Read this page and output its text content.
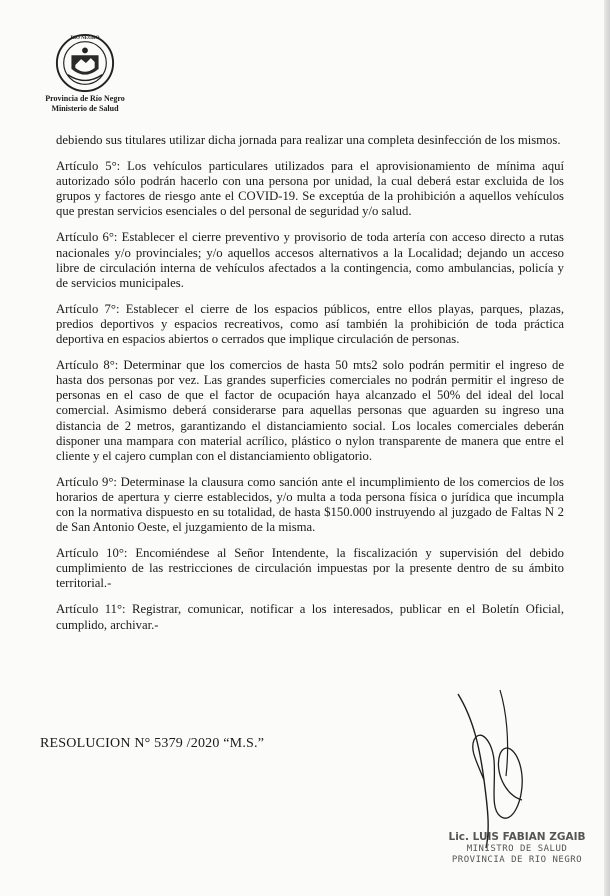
RIO NEGRO
Provincia de Río Negro
Ministerio de Salud

debiendo sus titulares utilizar dicha jornada para realizar una completa desinfección de los mismos.

Artículo 5°: Los vehículos particulares utilizados para el aprovisionamiento de mínima aquí autorizado sólo podrán hacerlo con una persona por unidad, la cual deberá estar excluida de los grupos y factores de riesgo ante el COVID-19. Se exceptúa de la prohibición a aquellos vehículos que prestan servicios esenciales o del personal de seguridad y/o salud.

Artículo 6°: Establecer el cierre preventivo y provisorio de toda artería con acceso directo a rutas nacionales y/o provinciales; y/o aquellos accesos alternativos a la Localidad; dejando un acceso libre de circulación interna de vehículos afectados a la contingencia, como ambulancias, policía y de servicios municipales.

Artículo 7°: Establecer el cierre de los espacios públicos, entre ellos playas, parques, plazas, predios deportivos y espacios recreativos, como así también la prohibición de toda práctica deportiva en espacios abiertos o cerrados que implique circulación de personas.

Artículo 8°: Determinar que los comercios de hasta 50 mts2 solo podrán permitir el ingreso de hasta dos personas por vez. Las grandes superficies comerciales no podrán permitir el ingreso de personas en el caso de que el factor de ocupación haya alcanzado el 50% del ideal del local comercial. Asimismo deberá considerarse para aquellas personas que aguarden su ingreso una distancia de 2 metros, garantizando el distanciamiento social. Los locales comerciales deberán disponer una mampara con material acrílico, plástico o nylon transparente de manera que entre el cliente y el cajero cumplan con el distanciamiento obligatorio.

Artículo 9°: Determinase la clausura como sanción ante el incumplimiento de los comercios de los horarios de apertura y cierre establecidos, y/o multa a toda persona física o jurídica que incumpla con la normativa dispuesto en su totalidad, de hasta $150.000 instruyendo al juzgado de Faltas N 2 de San Antonio Oeste, el juzgamiento de la misma.

Artículo 10°: Encomiéndese al Señor Intendente, la fiscalización y supervisión del debido cumplimiento de las restricciones de circulación impuestas por la presente dentro de su ámbito territorial.-

Artículo 11°: Registrar, comunicar, notificar a los interesados, publicar en el Boletín Oficial, cumplido, archivar.-

RESOLUCION N° 5379 /2020 “M.S.”
Lic. LUIS FABIAN ZGAIB
MINISTRO DE SALUD
PROVINCIA DE RIO NEGRO
